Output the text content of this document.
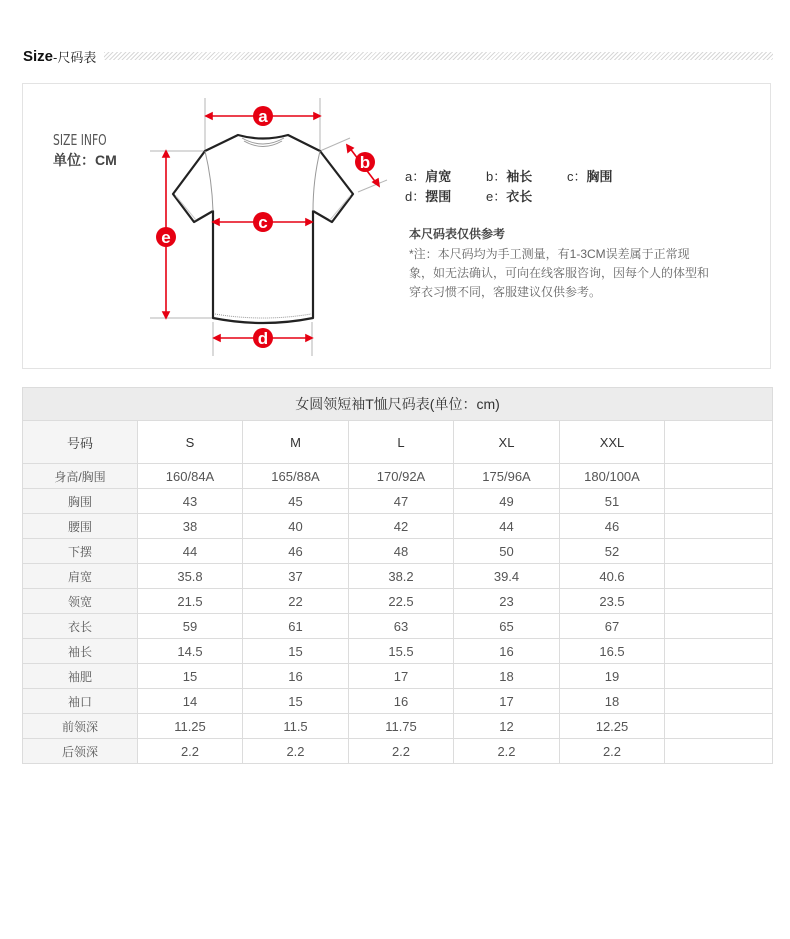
Size -尺码表
SIZE INFO
单位：CM
a
b
c
d
e
a：肩宽	b：袖长	c：胸围
d：摆围	e：衣长
本尺码表仅供参考
*注：本尺码均为手工测量，有1-3CM误差属于正常现象，如无法确认，可向在线客服咨询，因每个人的体型和穿衣习惯不同，客服建议仅供参考。
女圆领短袖T恤尺码表(单位：cm)						
号码	S	M	L	XL	XXL	
身高/胸围	160/84A	165/88A	170/92A	175/96A	180/100A	
胸围	43	45	47	49	51	
腰围	38	40	42	44	46	
下摆	44	46	48	50	52	
肩宽	35.8	37	38.2	39.4	40.6	
领宽	21.5	22	22.5	23	23.5	
衣长	59	61	63	65	67	
袖长	14.5	15	15.5	16	16.5	
袖肥	15	16	17	18	19	
袖口	14	15	16	17	18	
前领深	11.25	11.5	11.75	12	12.25	
后领深	2.2	2.2	2.2	2.2	2.2	
